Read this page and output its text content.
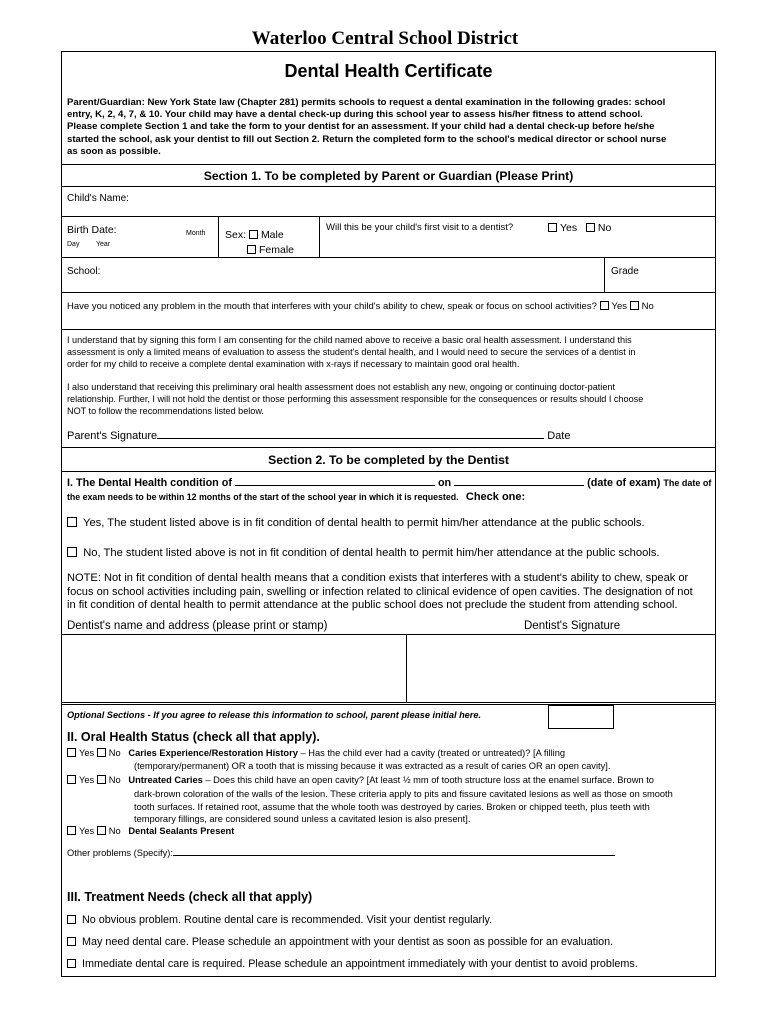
Waterloo Central School District
Dental Health Certificate
Parent/Guardian: New York State law (Chapter 281) permits schools to request a dental examination in the following grades: school
entry, K, 2, 4, 7, & 10. Your child may have a dental check-up during this school year to assess his/her fitness to attend school.
Please complete Section 1 and take the form to your dentist for an assessment. If your child had a dental check-up before he/she
started the school, ask your dentist to fill out Section 2. Return the completed form to the school's medical director or school nurse
as soon as possible.
Section 1. To be completed by Parent or Guardian (Please Print)
Child's Name:
Birth Date:	Month
Day Year
Sex: Male
Female
Will this be your child's first visit to a dentist?	Yes No
School:	Grade
Have you noticed any problem in the mouth that interferes with your child's ability to chew, speak or focus on school activities? Yes No
I understand that by signing this form I am consenting for the child named above to receive a basic oral health assessment. I understand this
assessment is only a limited means of evaluation to assess the student's dental health, and I would need to secure the services of a dentist in
order for my child to receive a complete dental examination with x-rays if necessary to maintain good oral health.
I also understand that receiving this preliminary oral health assessment does not establish any new, ongoing or continuing doctor-patient
relationship. Further, I will not hold the dentist or those performing this assessment responsible for the consequences or results should I choose
NOT to follow the recommendations listed below.
Parent's Signature	Date
Section 2. To be completed by the Dentist
I. The Dental Health condition of	on	(date of exam) The date of
the exam needs to be within 12 months of the start of the school year in which it is requested. Check one:
Yes, The student listed above is in fit condition of dental health to permit him/her attendance at the public schools.
No, The student listed above is not in fit condition of dental health to permit him/her attendance at the public schools.
NOTE: Not in fit condition of dental health means that a condition exists that interferes with a student's ability to chew, speak or
focus on school activities including pain, swelling or infection related to clinical evidence of open cavities. The designation of not
in fit condition of dental health to permit attendance at the public school does not preclude the student from attending school.
Dentist's name and address (please print or stamp)	Dentist's Signature
Optional Sections - If you agree to release this information to school, parent please initial here.
II. Oral Health Status (check all that apply).
Yes No Caries Experience/Restoration History – Has the child ever had a cavity (treated or untreated)? [A filling
(temporary/permanent) OR a tooth that is missing because it was extracted as a result of caries OR an open cavity].
Yes No Untreated Caries – Does this child have an open cavity? [At least ½ mm of tooth structure loss at the enamel surface. Brown to
dark-brown coloration of the walls of the lesion. These criteria apply to pits and fissure cavitated lesions as well as those on smooth
tooth surfaces. If retained root, assume that the whole tooth was destroyed by caries. Broken or chipped teeth, plus teeth with
temporary fillings, are considered sound unless a cavitated lesion is also present].
Yes No Dental Sealants Present
Other problems (Specify):
III. Treatment Needs (check all that apply)
No obvious problem. Routine dental care is recommended. Visit your dentist regularly.
May need dental care. Please schedule an appointment with your dentist as soon as possible for an evaluation.
Immediate dental care is required. Please schedule an appointment immediately with your dentist to avoid problems.
